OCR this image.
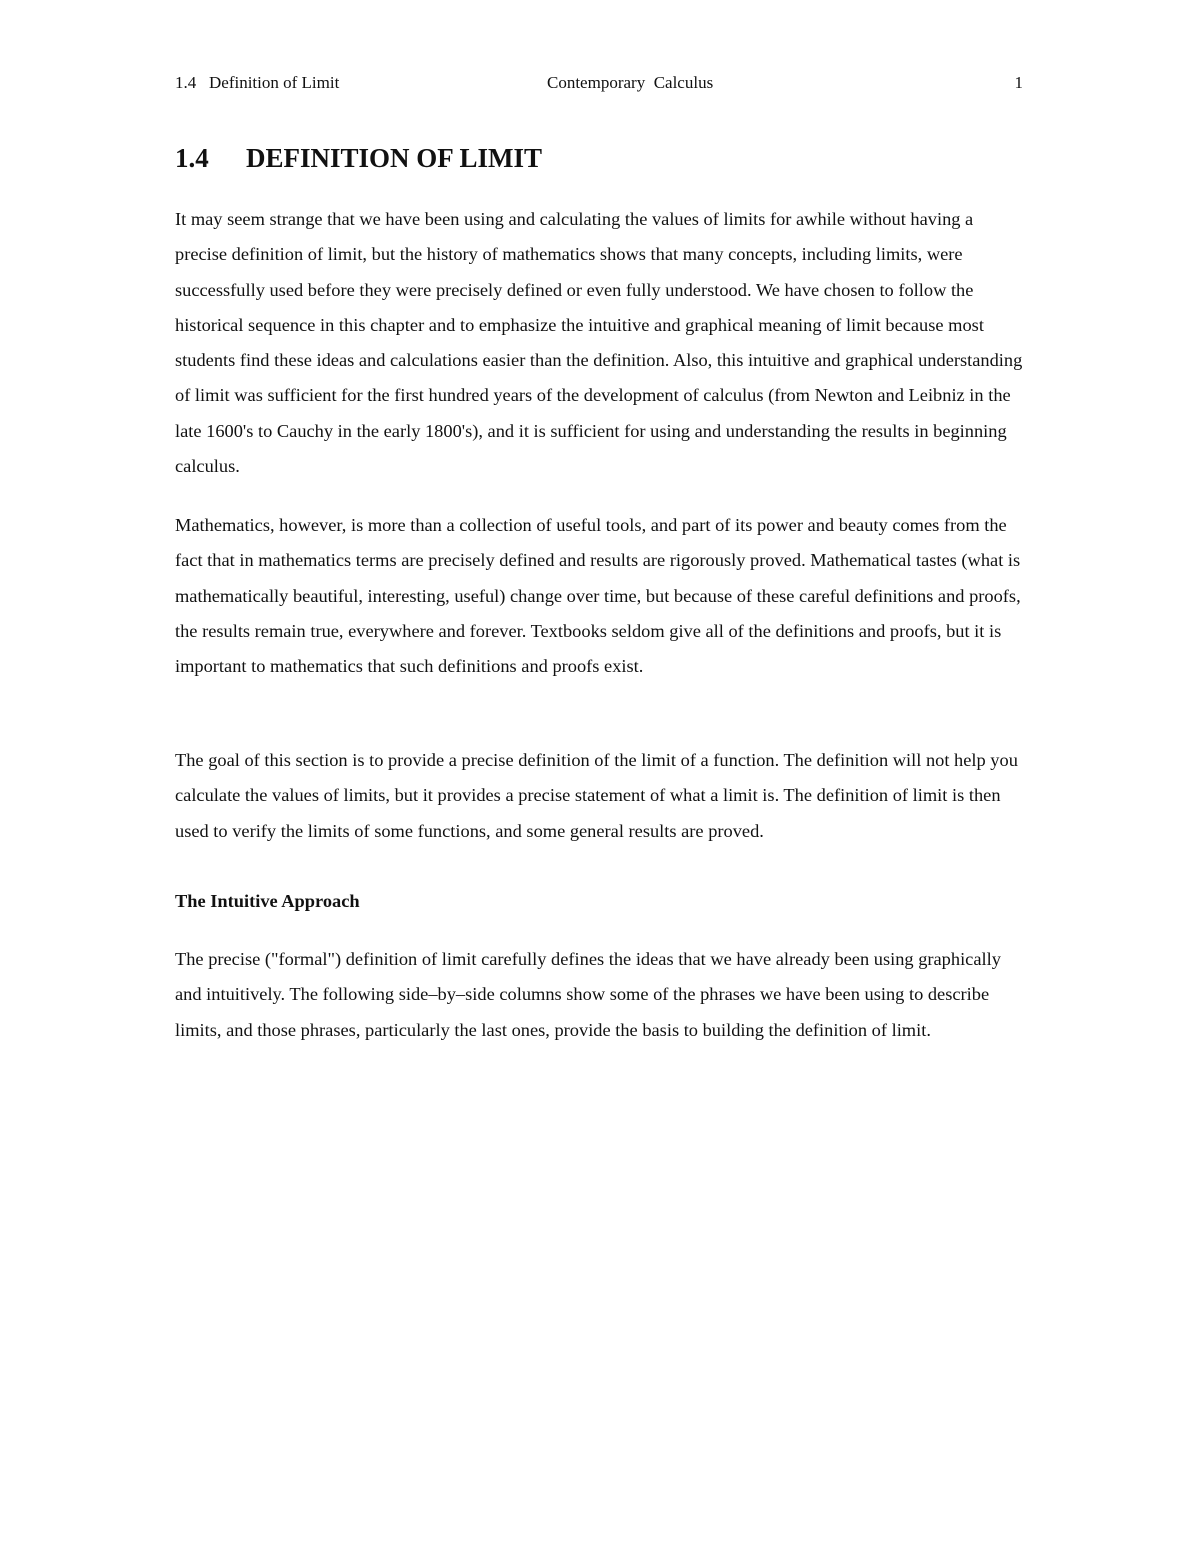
1.4   Definition of Limit	Contemporary  Calculus	1
1.4 DEFINITION OF LIMIT

It may seem strange that we have been using and calculating the values of limits for awhile without having a precise definition of limit, but the history of mathematics shows that many concepts, including limits, were successfully used before they were precisely defined or even fully understood. We have chosen to follow the historical sequence in this chapter and to emphasize the intuitive and graphical meaning of limit because most students find these ideas and calculations easier than the definition. Also, this intuitive and graphical understanding of limit was sufficient for the first hundred years of the development of calculus (from Newton and Leibniz in the late 1600's to Cauchy in the early 1800's), and it is sufficient for using and understanding the results in beginning calculus.

Mathematics, however, is more than a collection of useful tools, and part of its power and beauty comes from the fact that in mathematics terms are precisely defined and results are rigorously proved. Mathematical tastes (what is mathematically beautiful, interesting, useful) change over time, but because of these careful definitions and proofs, the results remain true, everywhere and forever. Textbooks seldom give all of the definitions and proofs, but it is important to mathematics that such definitions and proofs exist.

The goal of this section is to provide a precise definition of the limit of a function. The definition will not help you calculate the values of limits, but it provides a precise statement of what a limit is. The definition of limit is then used to verify the limits of some functions, and some general results are proved.

The Intuitive Approach

The precise ("formal") definition of limit carefully defines the ideas that we have already been using graphically and intuitively. The following side–by–side columns show some of the phrases we have been using to describe limits, and those phrases, particularly the last ones, provide the basis to building the definition of limit.
